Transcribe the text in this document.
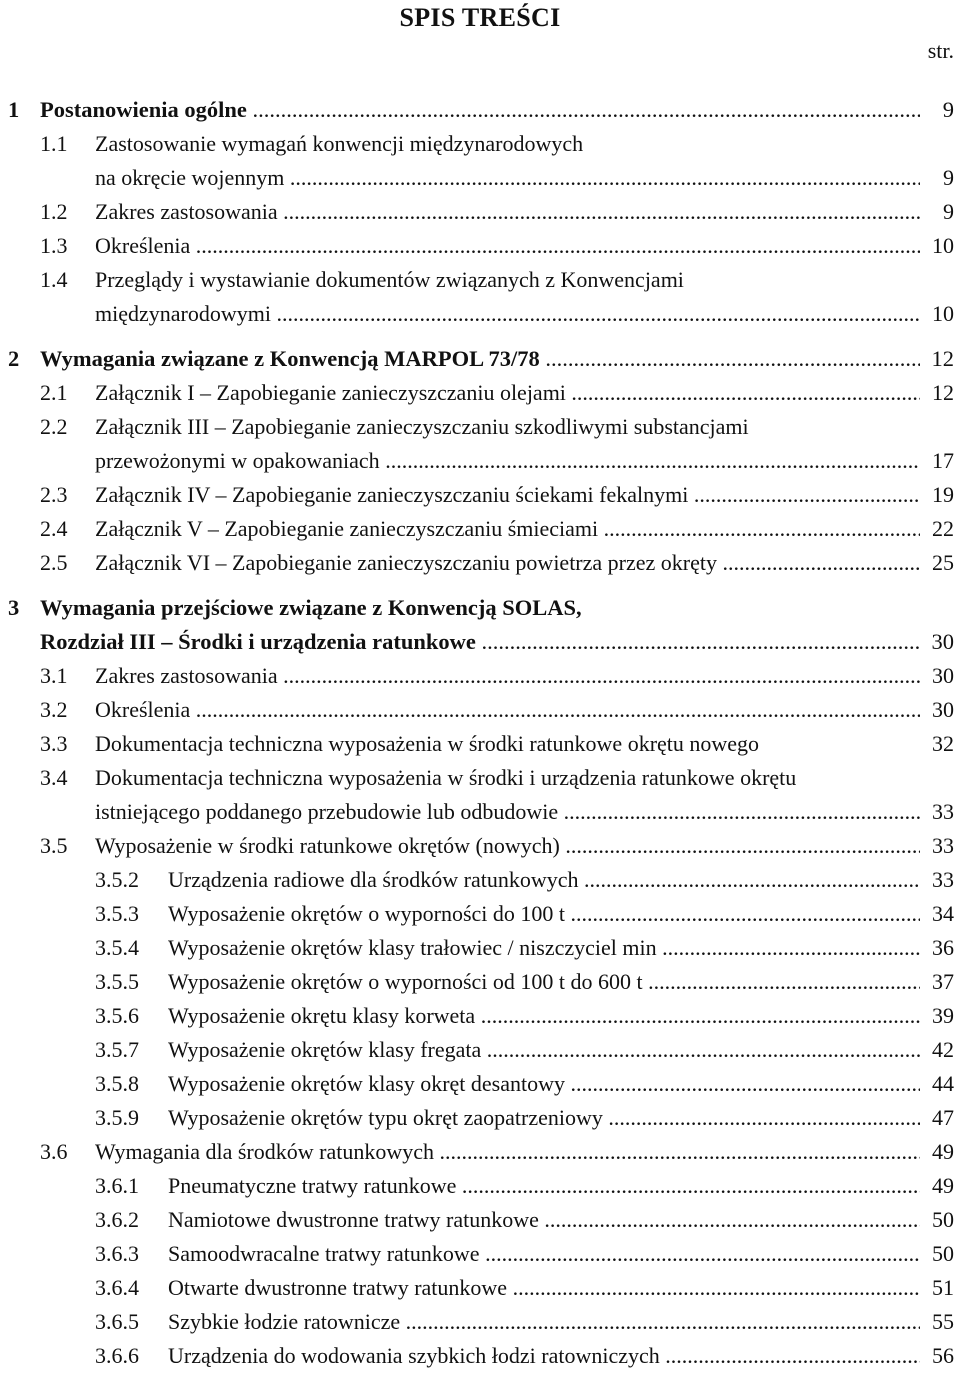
SPIS TREŚCI
str.
1 Postanowienia ogólne .....	9
1.1 Zastosowanie wymagań konwencji międzynarodowych
na okręcie wojennym .....	9
1.2 Zakres zastosowania .....	9
1.3 Określenia .....	10
1.4 Przeglądy i wystawianie dokumentów związanych z Konwencjami
międzynarodowymi .....	10
2 Wymagania związane z Konwencją MARPOL 73/78 .....	12
2.1 Załącznik I – Zapobieganie zanieczyszczaniu olejami .....	12
2.2 Załącznik III – Zapobieganie zanieczyszczaniu szkodliwymi substancjami
przewożonymi w opakowaniach .....	17
2.3 Załącznik IV – Zapobieganie zanieczyszczaniu ściekami fekalnymi .....	19
2.4 Załącznik V – Zapobieganie zanieczyszczaniu śmieciami .....	22
2.5 Załącznik VI – Zapobieganie zanieczyszczaniu powietrza przez okręty .....	25
3 Wymagania przejściowe związane z Konwencją SOLAS,
Rozdział III – Środki i urządzenia ratunkowe .....	30
3.1 Zakres zastosowania .....	30
3.2 Określenia .....	30
3.3 Dokumentacja techniczna wyposażenia w środki ratunkowe okrętu nowego	32
3.4 Dokumentacja techniczna wyposażenia w środki i urządzenia ratunkowe okrętu
istniejącego poddanego przebudowie lub odbudowie .....	33
3.5 Wyposażenie w środki ratunkowe okrętów (nowych) .....	33
3.5.2 Urządzenia radiowe dla środków ratunkowych .....	33
3.5.3 Wyposażenie okrętów o wyporności do 100 t .....	34
3.5.4 Wyposażenie okrętów klasy trałowiec / niszczyciel min .....	36
3.5.5 Wyposażenie okrętów o wyporności od 100 t do 600 t .....	37
3.5.6 Wyposażenie okrętu klasy korweta .....	39
3.5.7 Wyposażenie okrętów klasy fregata .....	42
3.5.8 Wyposażenie okrętów klasy okręt desantowy .....	44
3.5.9 Wyposażenie okrętów typu okręt zaopatrzeniowy .....	47
3.6 Wymagania dla środków ratunkowych .....	49
3.6.1 Pneumatyczne tratwy ratunkowe .....	49
3.6.2 Namiotowe dwustronne tratwy ratunkowe .....	50
3.6.3 Samoodwracalne tratwy ratunkowe .....	50
3.6.4 Otwarte dwustronne tratwy ratunkowe .....	51
3.6.5 Szybkie łodzie ratownicze .....	55
3.6.6 Urządzenia do wodowania szybkich łodzi ratowniczych .....	56
